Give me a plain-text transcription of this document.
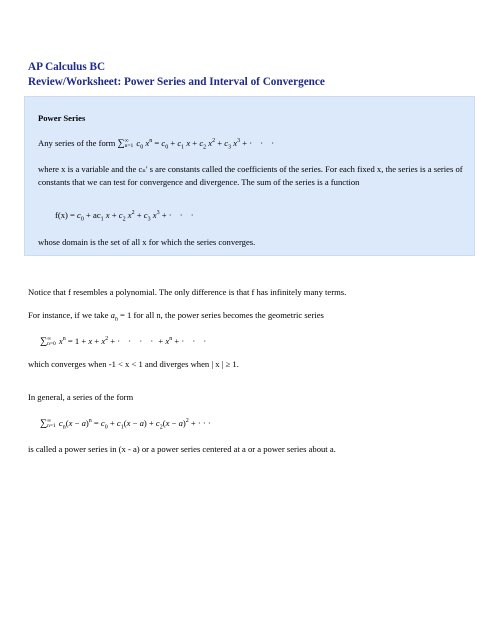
AP Calculus BC
Review/Worksheet: Power Series and Interval of Convergence
Power Series
Any series of the form ∑∞
n=1 $c_0$ $x^n = c_0 + c_1$ $x + c_2$ $x^2 + c_3$ $x^3$ + · · ·
where x is a variable and the cₙ' s are constants called the coefficients of the series. For each fixed x, the series is a series of constants that we can test for convergence and divergence. The sum of the series is a function
$f(x) = c_0 + ac_1$ $x + c_2$ $x^2 + c_3$ $x^3$ + · · ·
whose domain is the set of all x for which the series converges.
Notice that f resembles a polynomial. The only difference is that f has infinitely many terms.
For instance, if we take $a_n = 1$ for all n, the power series becomes the geometric series
∑∞
n=0 $x^n = 1 + x + x^2$ + · · · · + $x^n$ + · · ·
which converges when -1 < x < 1 and diverges when | x | ≥ 1.
In general, a series of the form
∑∞
n=1 $c_n(x - a)^n = c_0 + c_1(x - a) + c_2(x - a)^2$ + · · ·
is called a power series in (x - a) or a power series centered at a or a power series about a.
